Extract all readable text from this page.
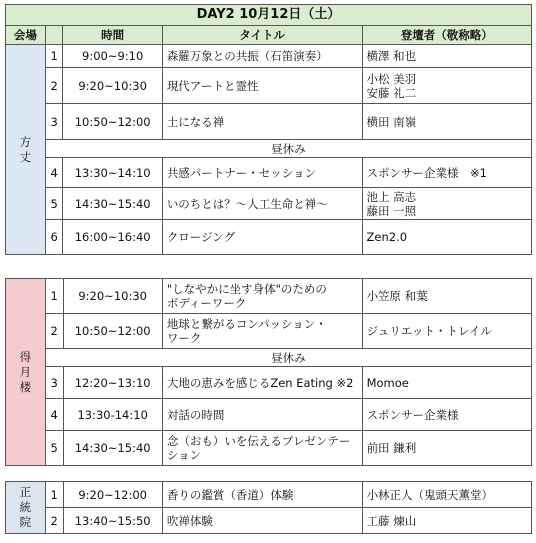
DAY2 10月12日（土）				
会場		時間	タイトル	登壇者（敬称略）
方丈	1	9:00~9:10	森羅万象との共振（石笛演奏）	横澤 和也
	2	9:20~10:30	現代アートと霊性	小松 美羽
安藤 礼二
	3	10:50~12:00	土になる禅	横田 南嶺
	昼休み			
	4	13:30~14:10	共感パートナー・セッション	スポンサー企業様　※1
	5	14:30~15:40	いのちとは？～人工生命と禅～	池上 高志
藤田 一照
	6	16:00~16:40	クロージング	Zen2.0
得月楼	1	9:20~10:30	"しなやかに坐す身体"のための
ボディーワーク	小笠原 和葉
	2	10:50~12:00	地球と繋がるコンパッション・
ワーク	ジュリエット・トレイル
	昼休み			
	3	12:20~13:10	大地の恵みを感じるZen Eating ※2	Momoe
	4	13:30-14:10	対話の時間	スポンサー企業様
	5	14:30~15:40	念（おも）いを伝えるプレゼンテー
ション	前田 鎌利
正統院	1	9:20~12:00	香りの鑑賞（香道）体験	小林正人（鬼頭天薫堂）
	2	13:40~15:50	吹禅体験	工藤 煉山
